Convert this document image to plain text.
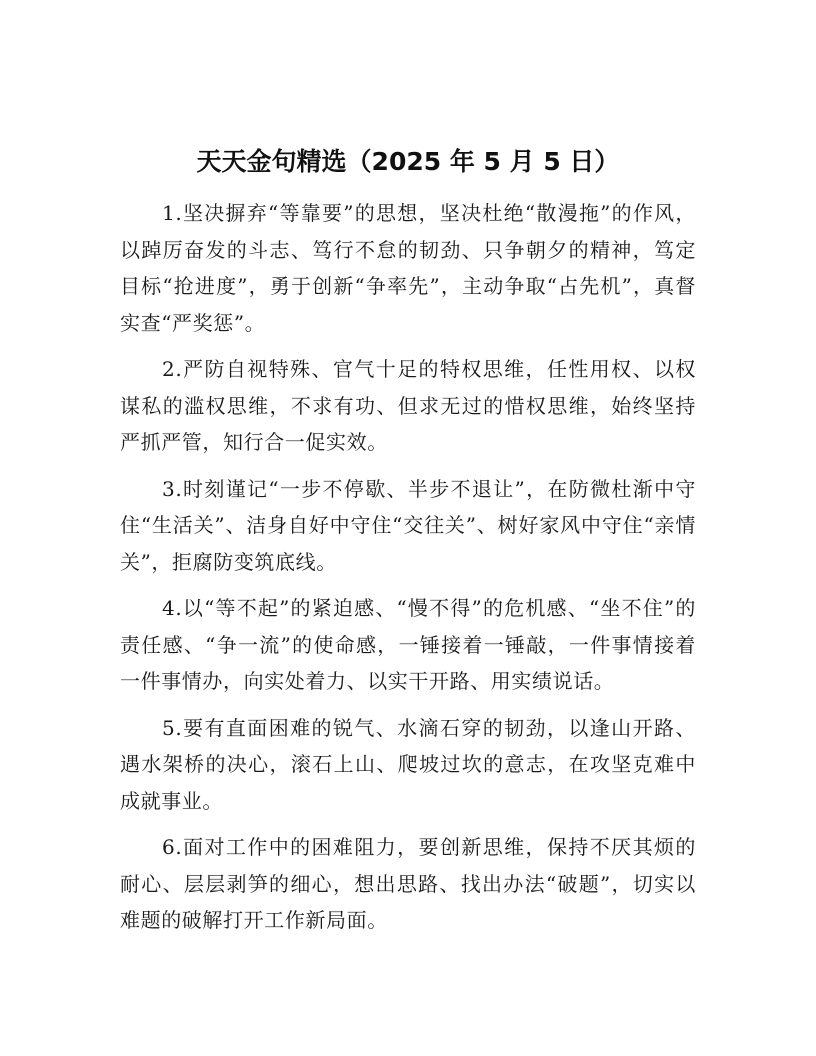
天天金句精选（2025 年 5 月 5 日）

1.坚决摒弃“等靠要”的思想，坚决杜绝“散漫拖”的作风，以踔厉奋发的斗志、笃行不怠的韧劲、只争朝夕的精神，笃定目标“抢进度”，勇于创新“争率先”，主动争取“占先机”，真督实查“严奖惩”。

2.严防自视特殊、官气十足的特权思维，任性用权、以权谋私的滥权思维，不求有功、但求无过的惜权思维，始终坚持严抓严管，知行合一促实效。

3.时刻谨记“一步不停歇、半步不退让”，在防微杜渐中守住“生活关”、洁身自好中守住“交往关”、树好家风中守住“亲情关”，拒腐防变筑底线。

4.以“等不起”的紧迫感、“慢不得”的危机感、“坐不住”的责任感、“争一流”的使命感，一锤接着一锤敲，一件事情接着一件事情办，向实处着力、以实干开路、用实绩说话。

5.要有直面困难的锐气、水滴石穿的韧劲，以逢山开路、遇水架桥的决心，滚石上山、爬坡过坎的意志，在攻坚克难中成就事业。

6.面对工作中的困难阻力，要创新思维，保持不厌其烦的耐心、层层剥笋的细心，想出思路、找出办法“破题”，切实以难题的破解打开工作新局面。
